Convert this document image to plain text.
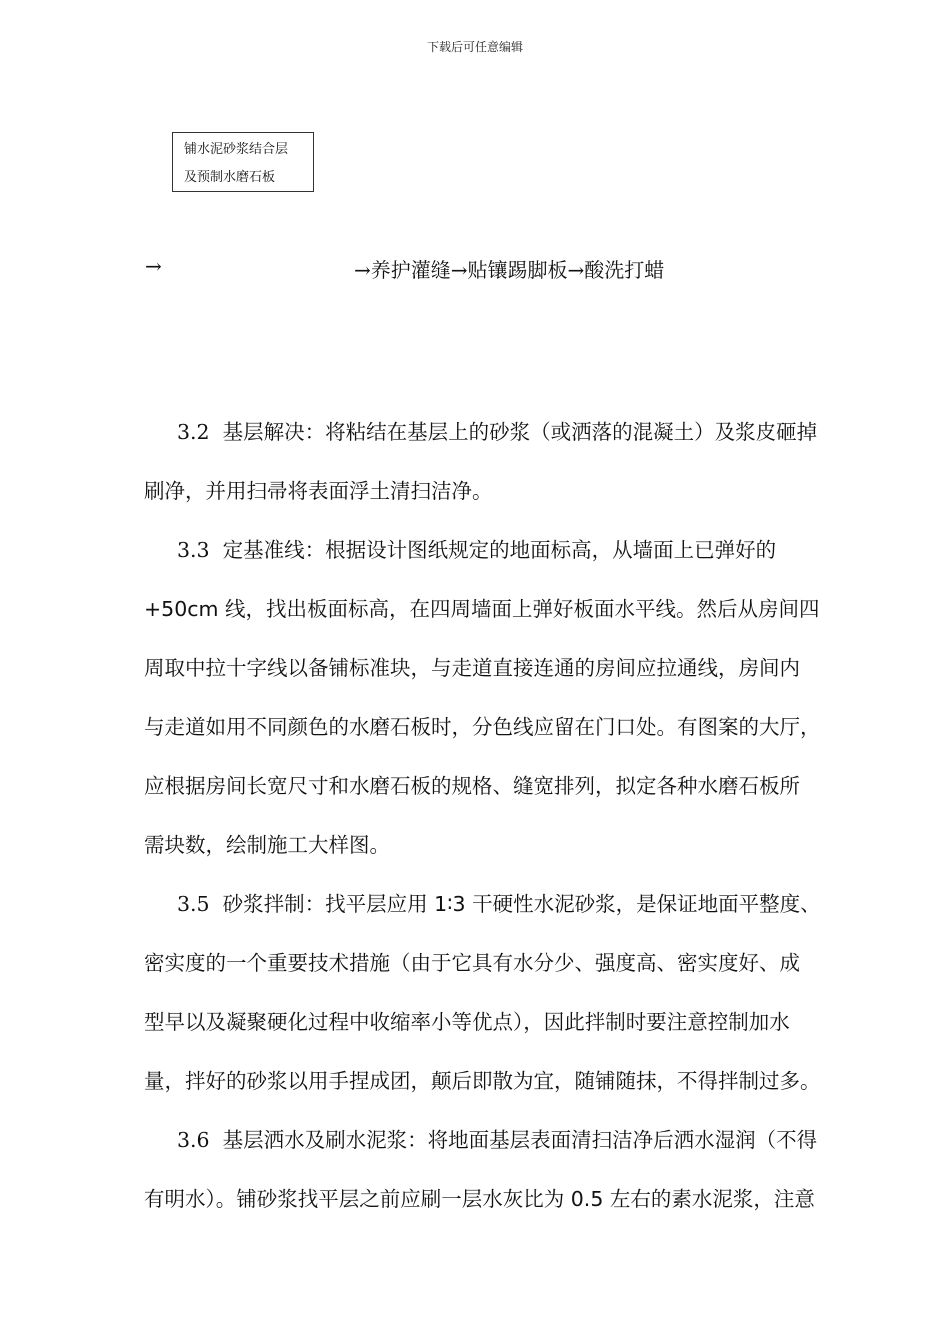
下载后可任意编辑
铺水泥砂浆结合层
及预制水磨石板
→	→养护灌缝→贴镶踢脚板→酸洗打蜡

3.2 基层解决：将粘结在基层上的砂浆（或洒落的混凝土）及浆皮砸掉

刷净，并用扫帚将表面浮土清扫洁净。

3.3 定基准线：根据设计图纸规定的地面标高，从墙面上已弹好的

+50cm 线，找出板面标高，在四周墙面上弹好板面水平线。然后从房间四

周取中拉十字线以备铺标准块，与走道直接连通的房间应拉通线，房间内

与走道如用不同颜色的水磨石板时，分色线应留在门口处。有图案的大厅，

应根据房间长宽尺寸和水磨石板的规格、缝宽排列，拟定各种水磨石板所

需块数，绘制施工大样图。

3.5 砂浆拌制：找平层应用 1∶3 干硬性水泥砂浆，是保证地面平整度、

密实度的一个重要技术措施（由于它具有水分少、强度高、密实度好、成

型早以及凝聚硬化过程中收缩率小等优点），因此拌制时要注意控制加水

量，拌好的砂浆以用手捏成团，颠后即散为宜，随铺随抹，不得拌制过多。

3.6 基层洒水及刷水泥浆：将地面基层表面清扫洁净后洒水湿润（不得

有明水）。铺砂浆找平层之前应刷一层水灰比为 0.5 左右的素水泥浆，注意
